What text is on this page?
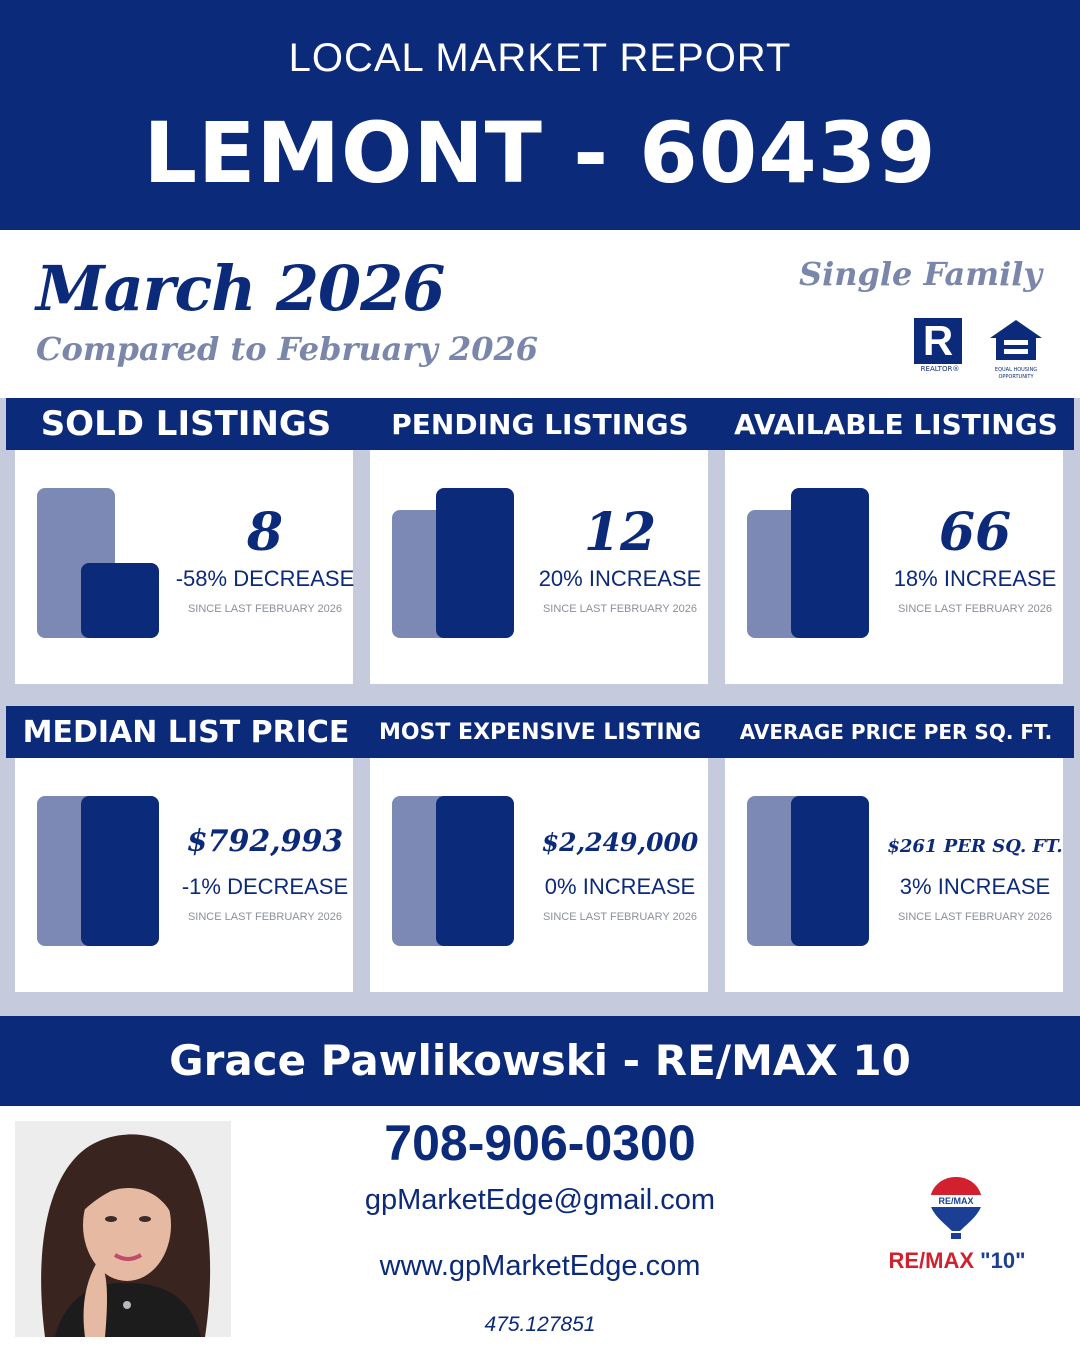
LOCAL MARKET REPORT
LEMONT - 60439
March 2026
Compared to February 2026
Single Family
R
REALTOR®	EQUAL HOUSING
OPPORTUNITY
SOLD LISTINGS	PENDING LISTINGS	AVAILABLE LISTINGS
MEDIAN LIST PRICE	MOST EXPENSIVE LISTING	AVERAGE PRICE PER SQ. FT.
8
-58% DECREASE
SINCE LAST FEBRUARY 2026
12
20% INCREASE
SINCE LAST FEBRUARY 2026
66
18% INCREASE
SINCE LAST FEBRUARY 2026
$792,993
-1% DECREASE
SINCE LAST FEBRUARY 2026
$2,249,000
0% INCREASE
SINCE LAST FEBRUARY 2026
$261 PER SQ. FT.
3% INCREASE
SINCE LAST FEBRUARY 2026
Grace Pawlikowski - RE/MAX 10
708-906-0300
gpMarketEdge@gmail.com
www.gpMarketEdge.com
475.127851
RE/MAX
RE/MAX "10"
